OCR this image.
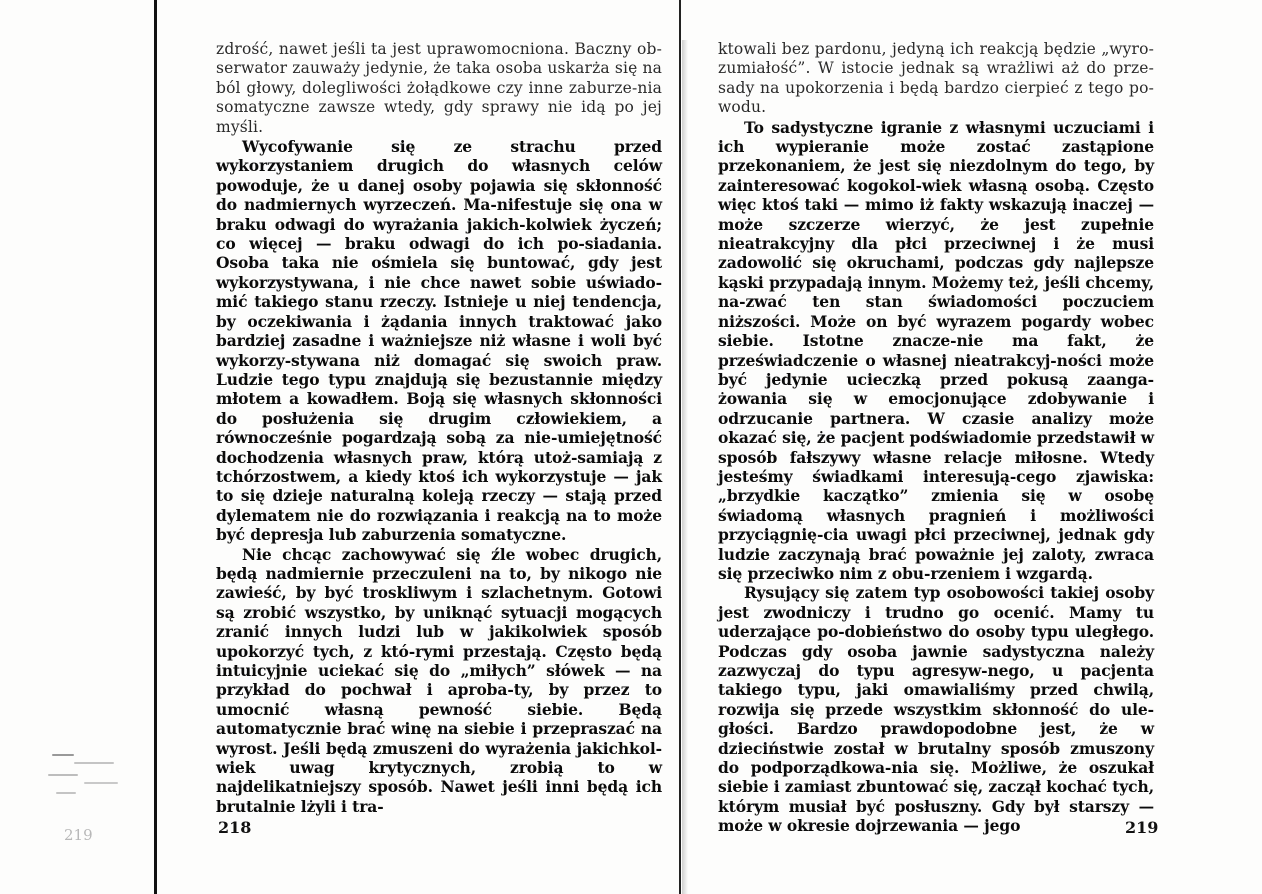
219

zdrość, nawet jeśli ta jest uprawomocniona. Baczny ob-serwator zauważy jedynie, że taka osoba uskarża się na ból głowy, dolegliwości żołądkowe czy inne zaburze-nia somatyczne zawsze wtedy, gdy sprawy nie idą po jej myśli.

Wycofywanie się ze strachu przed wykorzystaniem drugich do własnych celów powoduje, że u danej osoby pojawia się skłonność do nadmiernych wyrzeczeń. Ma-nifestuje się ona w braku odwagi do wyrażania jakich-kolwiek życzeń; co więcej — braku odwagi do ich po-siadania. Osoba taka nie ośmiela się buntować, gdy jest wykorzystywana, i nie chce nawet sobie uświado-mić takiego stanu rzeczy. Istnieje u niej tendencja, by oczekiwania i żądania innych traktować jako bardziej zasadne i ważniejsze niż własne i woli być wykorzy-stywana niż domagać się swoich praw. Ludzie tego typu znajdują się bezustannie między młotem a kowadłem. Boją się własnych skłonności do posłużenia się drugim człowiekiem, a równocześnie pogardzają sobą za nie-umiejętność dochodzenia własnych praw, którą utoż-samiają z tchórzostwem, a kiedy ktoś ich wykorzystuje — jak to się dzieje naturalną koleją rzeczy — stają przed dylematem nie do rozwiązania i reakcją na to może być depresja lub zaburzenia somatyczne.

Nie chcąc zachowywać się źle wobec drugich, będą nadmiernie przeczuleni na to, by nikogo nie zawieść, by być troskliwym i szlachetnym. Gotowi są zrobić wszystko, by uniknąć sytuacji mogących zranić innych ludzi lub w jakikolwiek sposób upokorzyć tych, z któ-rymi przestają. Często będą intuicyjnie uciekać się do „miłych” słówek — na przykład do pochwał i aproba-ty, by przez to umocnić własną pewność siebie. Będą automatycznie brać winę na siebie i przepraszać na wyrost. Jeśli będą zmuszeni do wyrażenia jakichkol-wiek uwag krytycznych, zrobią to w najdelikatniejszy sposób. Nawet jeśli inni będą ich brutalnie lżyli i tra-

218

ktowali bez pardonu, jedyną ich reakcją będzie „wyro-zumiałość”. W istocie jednak są wrażliwi aż do prze-sady na upokorzenia i będą bardzo cierpieć z tego po-wodu.

To sadystyczne igranie z własnymi uczuciami i ich wypieranie może zostać zastąpione przekonaniem, że jest się niezdolnym do tego, by zainteresować kogokol-wiek własną osobą. Często więc ktoś taki — mimo iż fakty wskazują inaczej — może szczerze wierzyć, że jest zupełnie nieatrakcyjny dla płci przeciwnej i że musi zadowolić się okruchami, podczas gdy najlepsze kąski przypadają innym. Możemy też, jeśli chcemy, na-zwać ten stan świadomości poczuciem niższości. Może on być wyrazem pogardy wobec siebie. Istotne znacze-nie ma fakt, że przeświadczenie o własnej nieatrakcyj-ności może być jedynie ucieczką przed pokusą zaanga-żowania się w emocjonujące zdobywanie i odrzucanie partnera. W czasie analizy może okazać się, że pacjent podświadomie przedstawił w sposób fałszywy własne relacje miłosne. Wtedy jesteśmy świadkami interesują-cego zjawiska: „brzydkie kaczątko” zmienia się w osobę świadomą własnych pragnień i możliwości przyciągnię-cia uwagi płci przeciwnej, jednak gdy ludzie zaczynają brać poważnie jej zaloty, zwraca się przeciwko nim z obu-rzeniem i wzgardą.

Rysujący się zatem typ osobowości takiej osoby jest zwodniczy i trudno go ocenić. Mamy tu uderzające po-dobieństwo do osoby typu uległego. Podczas gdy osoba jawnie sadystyczna należy zazwyczaj do typu agresyw-nego, u pacjenta takiego typu, jaki omawialiśmy przed chwilą, rozwija się przede wszystkim skłonność do ule-głości. Bardzo prawdopodobne jest, że w dzieciństwie został w brutalny sposób zmuszony do podporządkowa-nia się. Możliwe, że oszukał siebie i zamiast zbuntować się, zaczął kochać tych, którym musiał być posłuszny. Gdy był starszy — może w okresie dojrzewania — jego	219
